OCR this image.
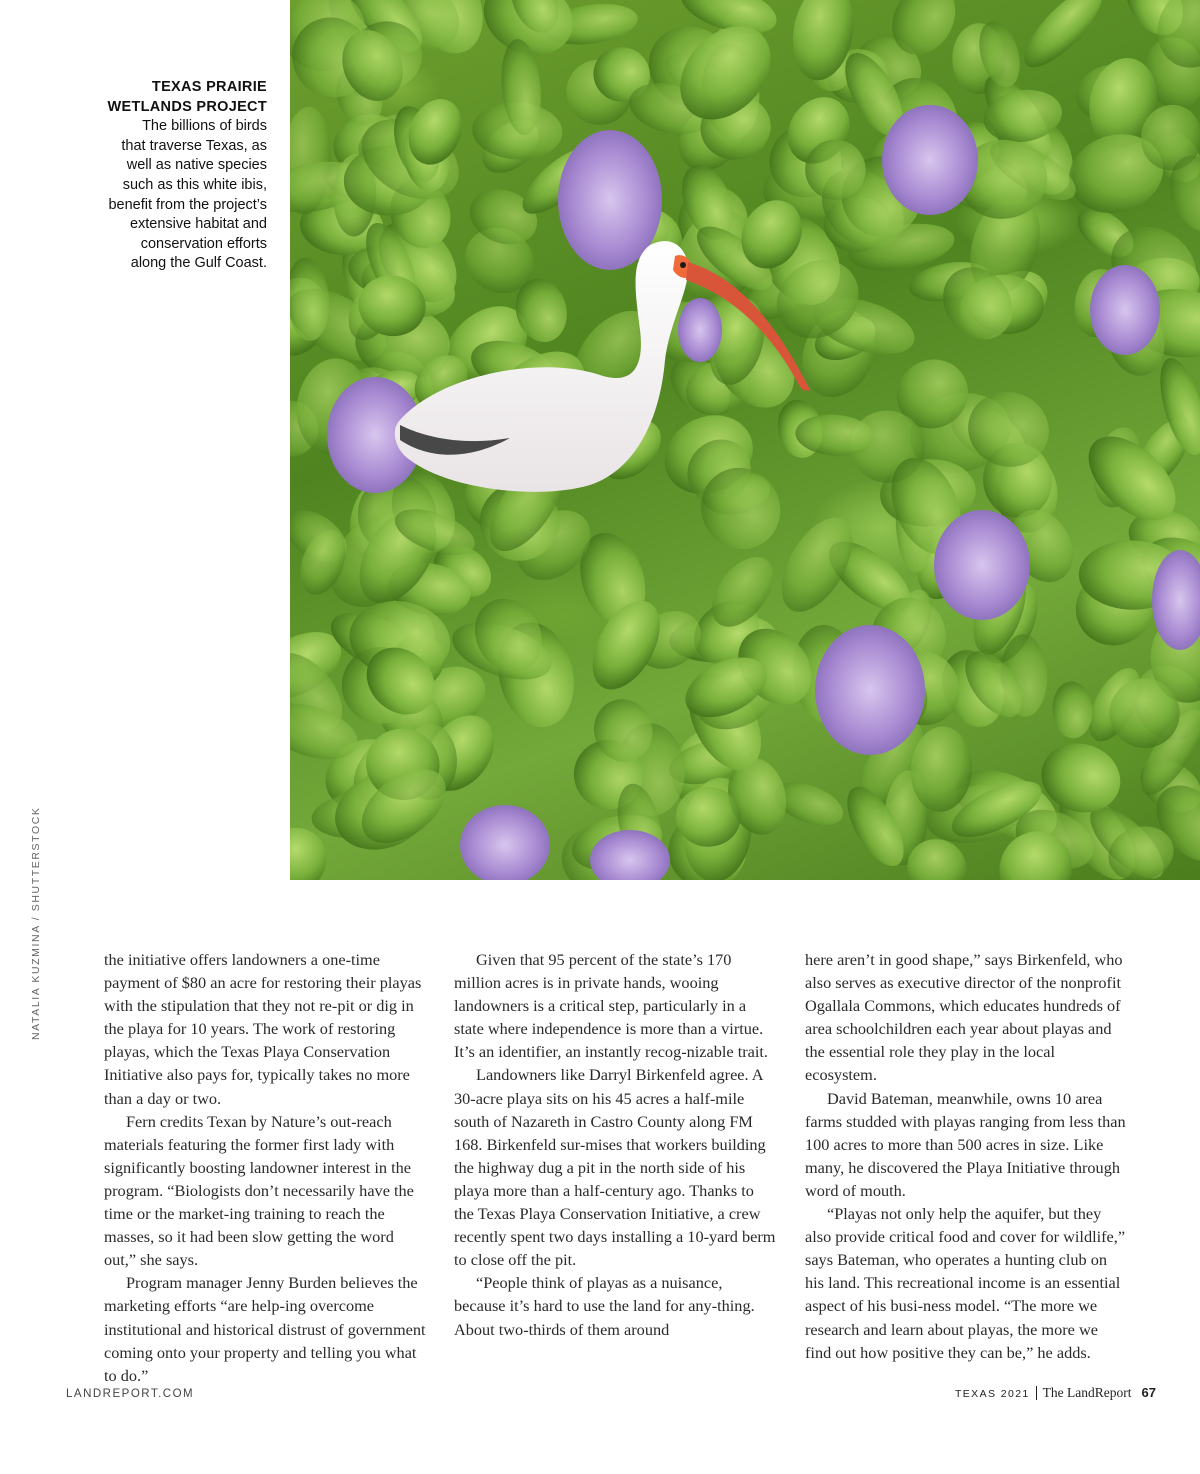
TEXAS PRAIRIE
WETLANDS PROJECT
The billions of birds
that traverse Texas, as
well as native species
such as this white ibis,
benefit from the project’s
extensive habitat and
conservation efforts
along the Gulf Coast.
NATALIA KUZMINA / SHUTTERSTOCK	the initiative offers landowners a one-time payment of $80 an acre for restoring their playas with the stipulation that they not re-pit or dig in the playa for 10 years. The work of restoring playas, which the Texas Playa Conservation Initiative also pays for, typically takes no more than a day or two.

Fern credits Texan by Nature’s out-reach materials featuring the former first lady with significantly boosting landowner interest in the program. “Biologists don’t necessarily have the time or the market-ing training to reach the masses, so it had been slow getting the word out,” she says.

Program manager Jenny Burden believes the marketing efforts “are help-ing overcome institutional and historical distrust of government coming onto your property and telling you what to do.”

Given that 95 percent of the state’s 170 million acres is in private hands, wooing landowners is a critical step, particularly in a state where independence is more than a virtue. It’s an identifier, an instantly recog-nizable trait.

Landowners like Darryl Birkenfeld agree. A 30-acre playa sits on his 45 acres a half-mile south of Nazareth in Castro County along FM 168. Birkenfeld sur-mises that workers building the highway dug a pit in the north side of his playa more than a half-century ago. Thanks to the Texas Playa Conservation Initiative, a crew recently spent two days installing a 10-yard berm to close off the pit.

“People think of playas as a nuisance, because it’s hard to use the land for any-thing. About two-thirds of them around

here aren’t in good shape,” says Birkenfeld, who also serves as executive director of the nonprofit Ogallala Commons, which educates hundreds of area schoolchildren each year about playas and the essential role they play in the local ecosystem.

David Bateman, meanwhile, owns 10 area farms studded with playas ranging from less than 100 acres to more than 500 acres in size. Like many, he discovered the Playa Initiative through word of mouth.

“Playas not only help the aquifer, but they also provide critical food and cover for wildlife,” says Bateman, who operates a hunting club on his land. This recreational income is an essential aspect of his busi-ness model. “The more we research and learn about playas, the more we find out how positive they can be,” he adds.

LANDREPORT.COM	TEXAS 2021 The LandReport 67
